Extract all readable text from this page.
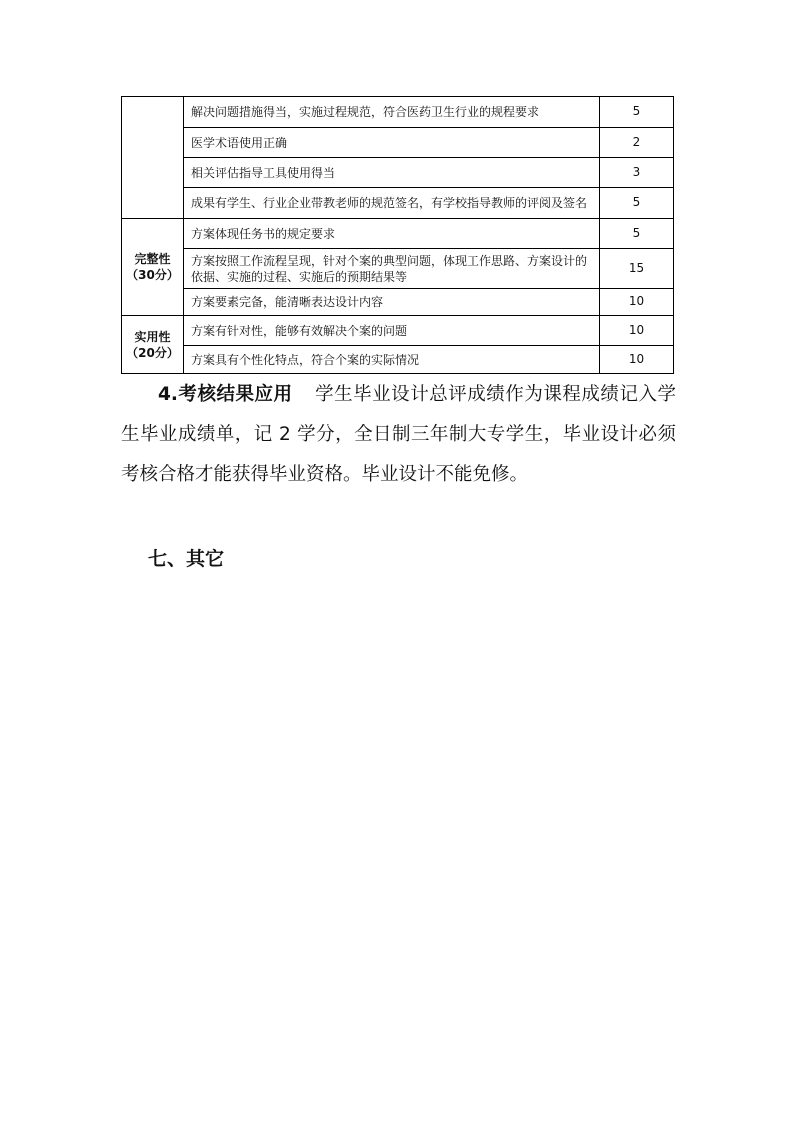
	解决问题措施得当，实施过程规范，符合医药卫生行业的规程要求	5
	医学术语使用正确	2
	相关评估指导工具使用得当	3
	成果有学生、行业企业带教老师的规范签名，有学校指导教师的评阅及签名	5

完整性
（30分）	方案体现任务书的规定要求	5
	方案按照工作流程呈现，针对个案的典型问题，体现工作思路、方案设计的依据、实施的过程、实施后的预期结果等	15
	方案要素完备，能清晰表达设计内容	10

实用性
（20分）	方案有针对性，能够有效解决个案的问题	10
	方案具有个性化特点，符合个案的实际情况	10
4.考核结果应用 学生毕业设计总评成绩作为课程成绩记入学生毕业成绩单，记 2 学分，全日制三年制大专学生，毕业设计必须考核合格才能获得毕业资格。毕业设计不能免修。
七、其它
